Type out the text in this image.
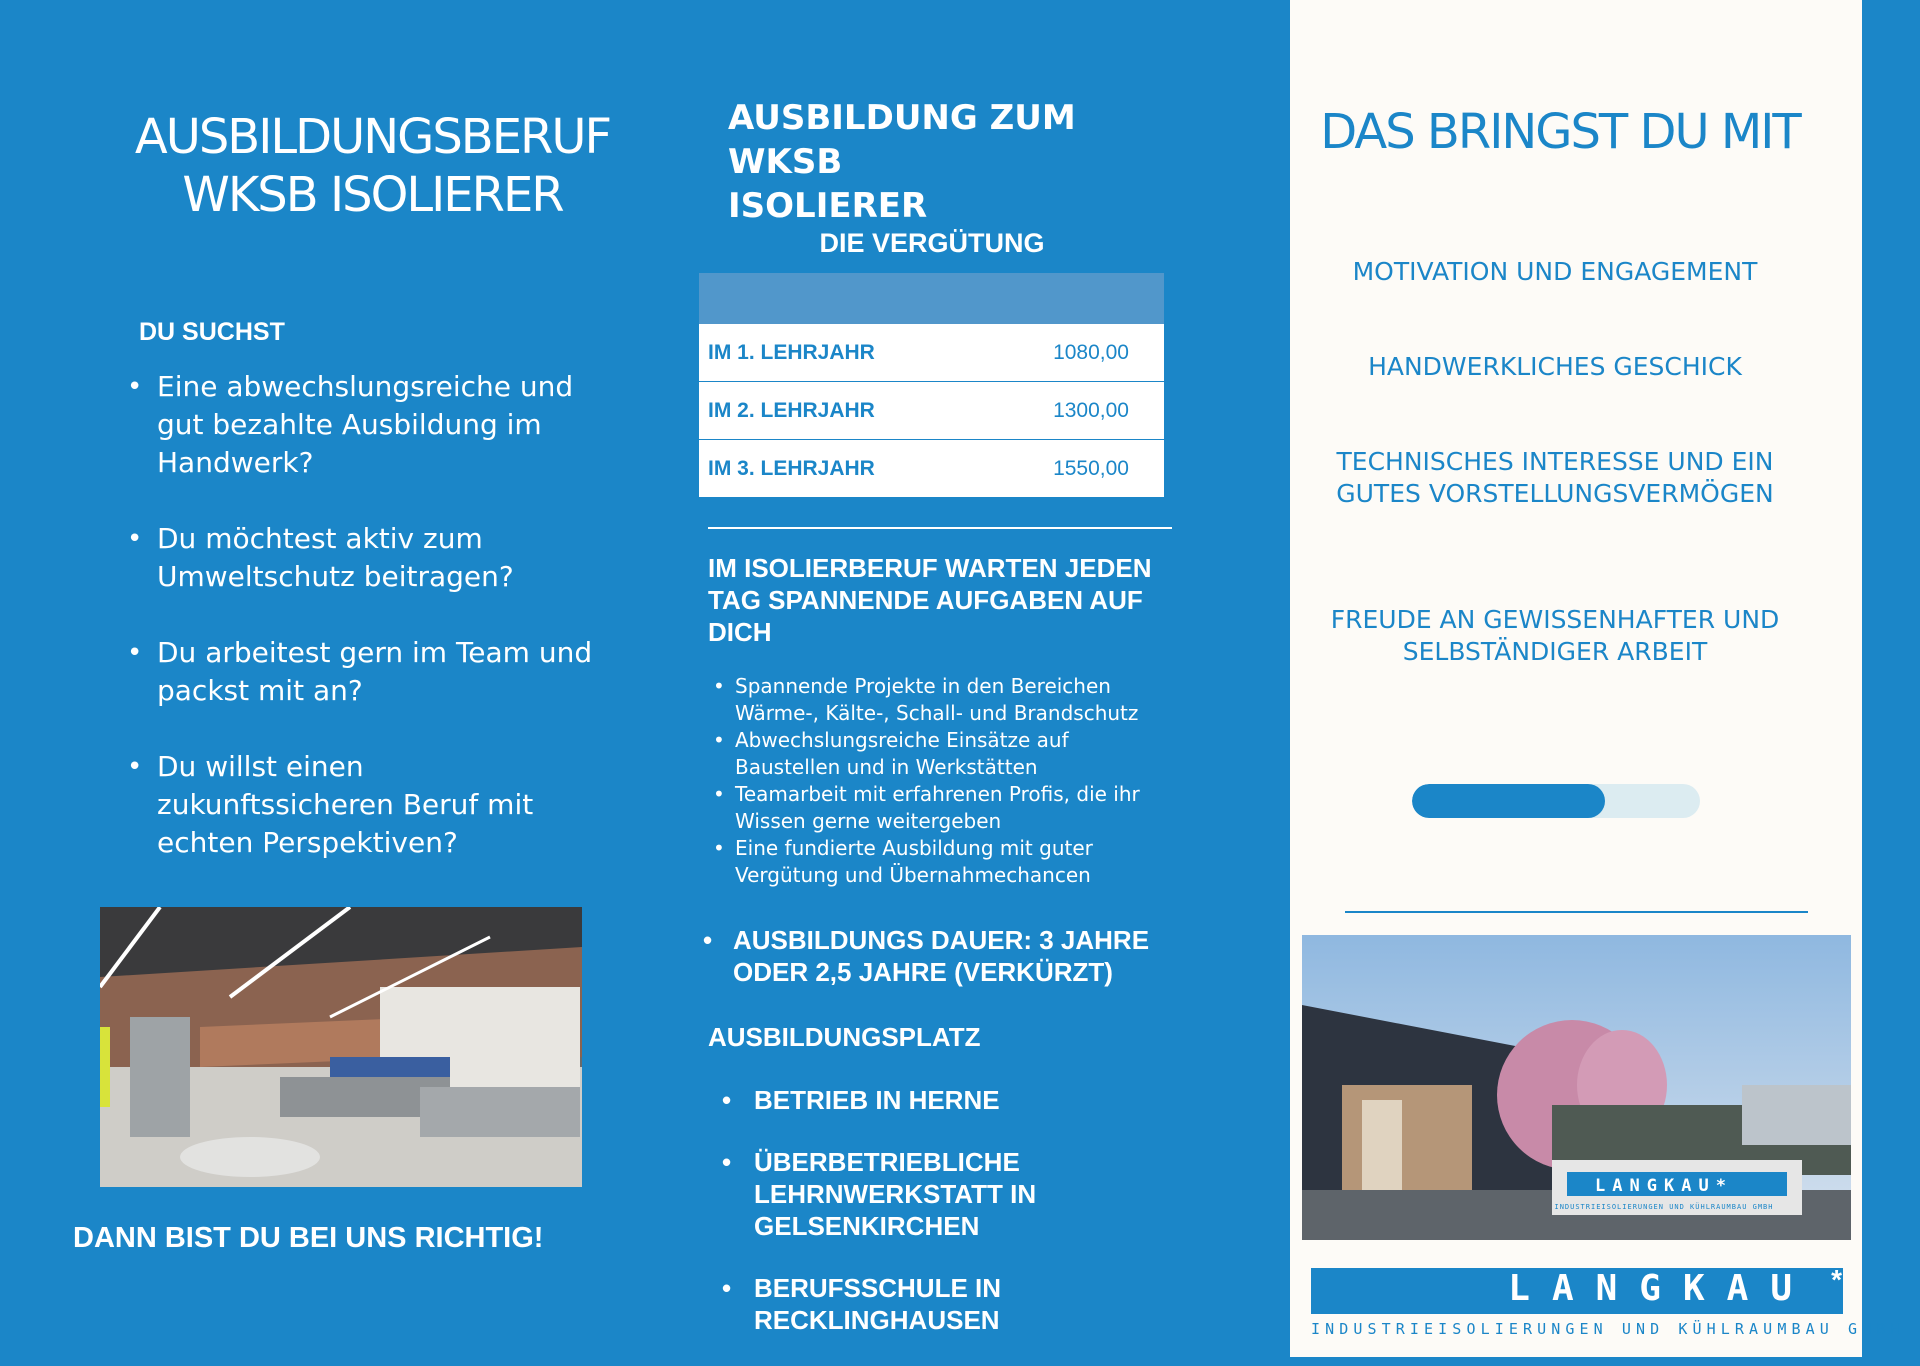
AUSBILDUNGSBERUF
WKSB ISOLIERER
DU SUCHST
• Eine abwechslungsreiche und gut bezahlte Ausbildung im Handwerk?
• Du möchtest aktiv zum Umweltschutz beitragen?
• Du arbeitest gern im Team und packst mit an?
• Du willst einen zukunftssicheren Beruf mit echten Perspektiven?
DANN BIST DU BEI UNS RICHTIG!
AUSBILDUNG ZUM WKSB
ISOLIERER
DIE VERGÜTUNG

IM 1. LEHRJAHR	1080,00
IM 2. LEHRJAHR	1300,00
IM 3. LEHRJAHR	1550,00
IM ISOLIERBERUF WARTEN JEDEN TAG SPANNENDE AUFGABEN AUF DICH
• Spannende Projekte in den Bereichen Wärme-, Kälte-, Schall- und Brandschutz
• Abwechslungsreiche Einsätze auf Baustellen und in Werkstätten
• Teamarbeit mit erfahrenen Profis, die ihr Wissen gerne weitergeben
• Eine fundierte Ausbildung mit guter Vergütung und Übernahmechancen
• AUSBILDUNGS DAUER: 3 JAHRE ODER 2,5 JAHRE (VERKÜRZT)
AUSBILDUNGSPLATZ
• BETRIEB IN HERNE
• ÜBERBETRIEBLICHE LEHRNWERKSTATT IN GELSENKIRCHEN
• BERUFSSCHULE IN RECKLINGHAUSEN
DAS BRINGST DU MIT
MOTIVATION UND ENGAGEMENT
HANDWERKLICHES GESCHICK
TECHNISCHES INTERESSE UND EIN GUTES VORSTELLUNGSVERMÖGEN
FREUDE AN GEWISSENHAFTER UND SELBSTÄNDIGER ARBEIT
LANGKAU*
INDUSTRIEISOLIERUNGEN UND KÜHLRAUMBAU GMBH
LANGKAU *
INDUSTRIEISOLIERUNGEN UND KÜHLRAUMBAU GMBH
